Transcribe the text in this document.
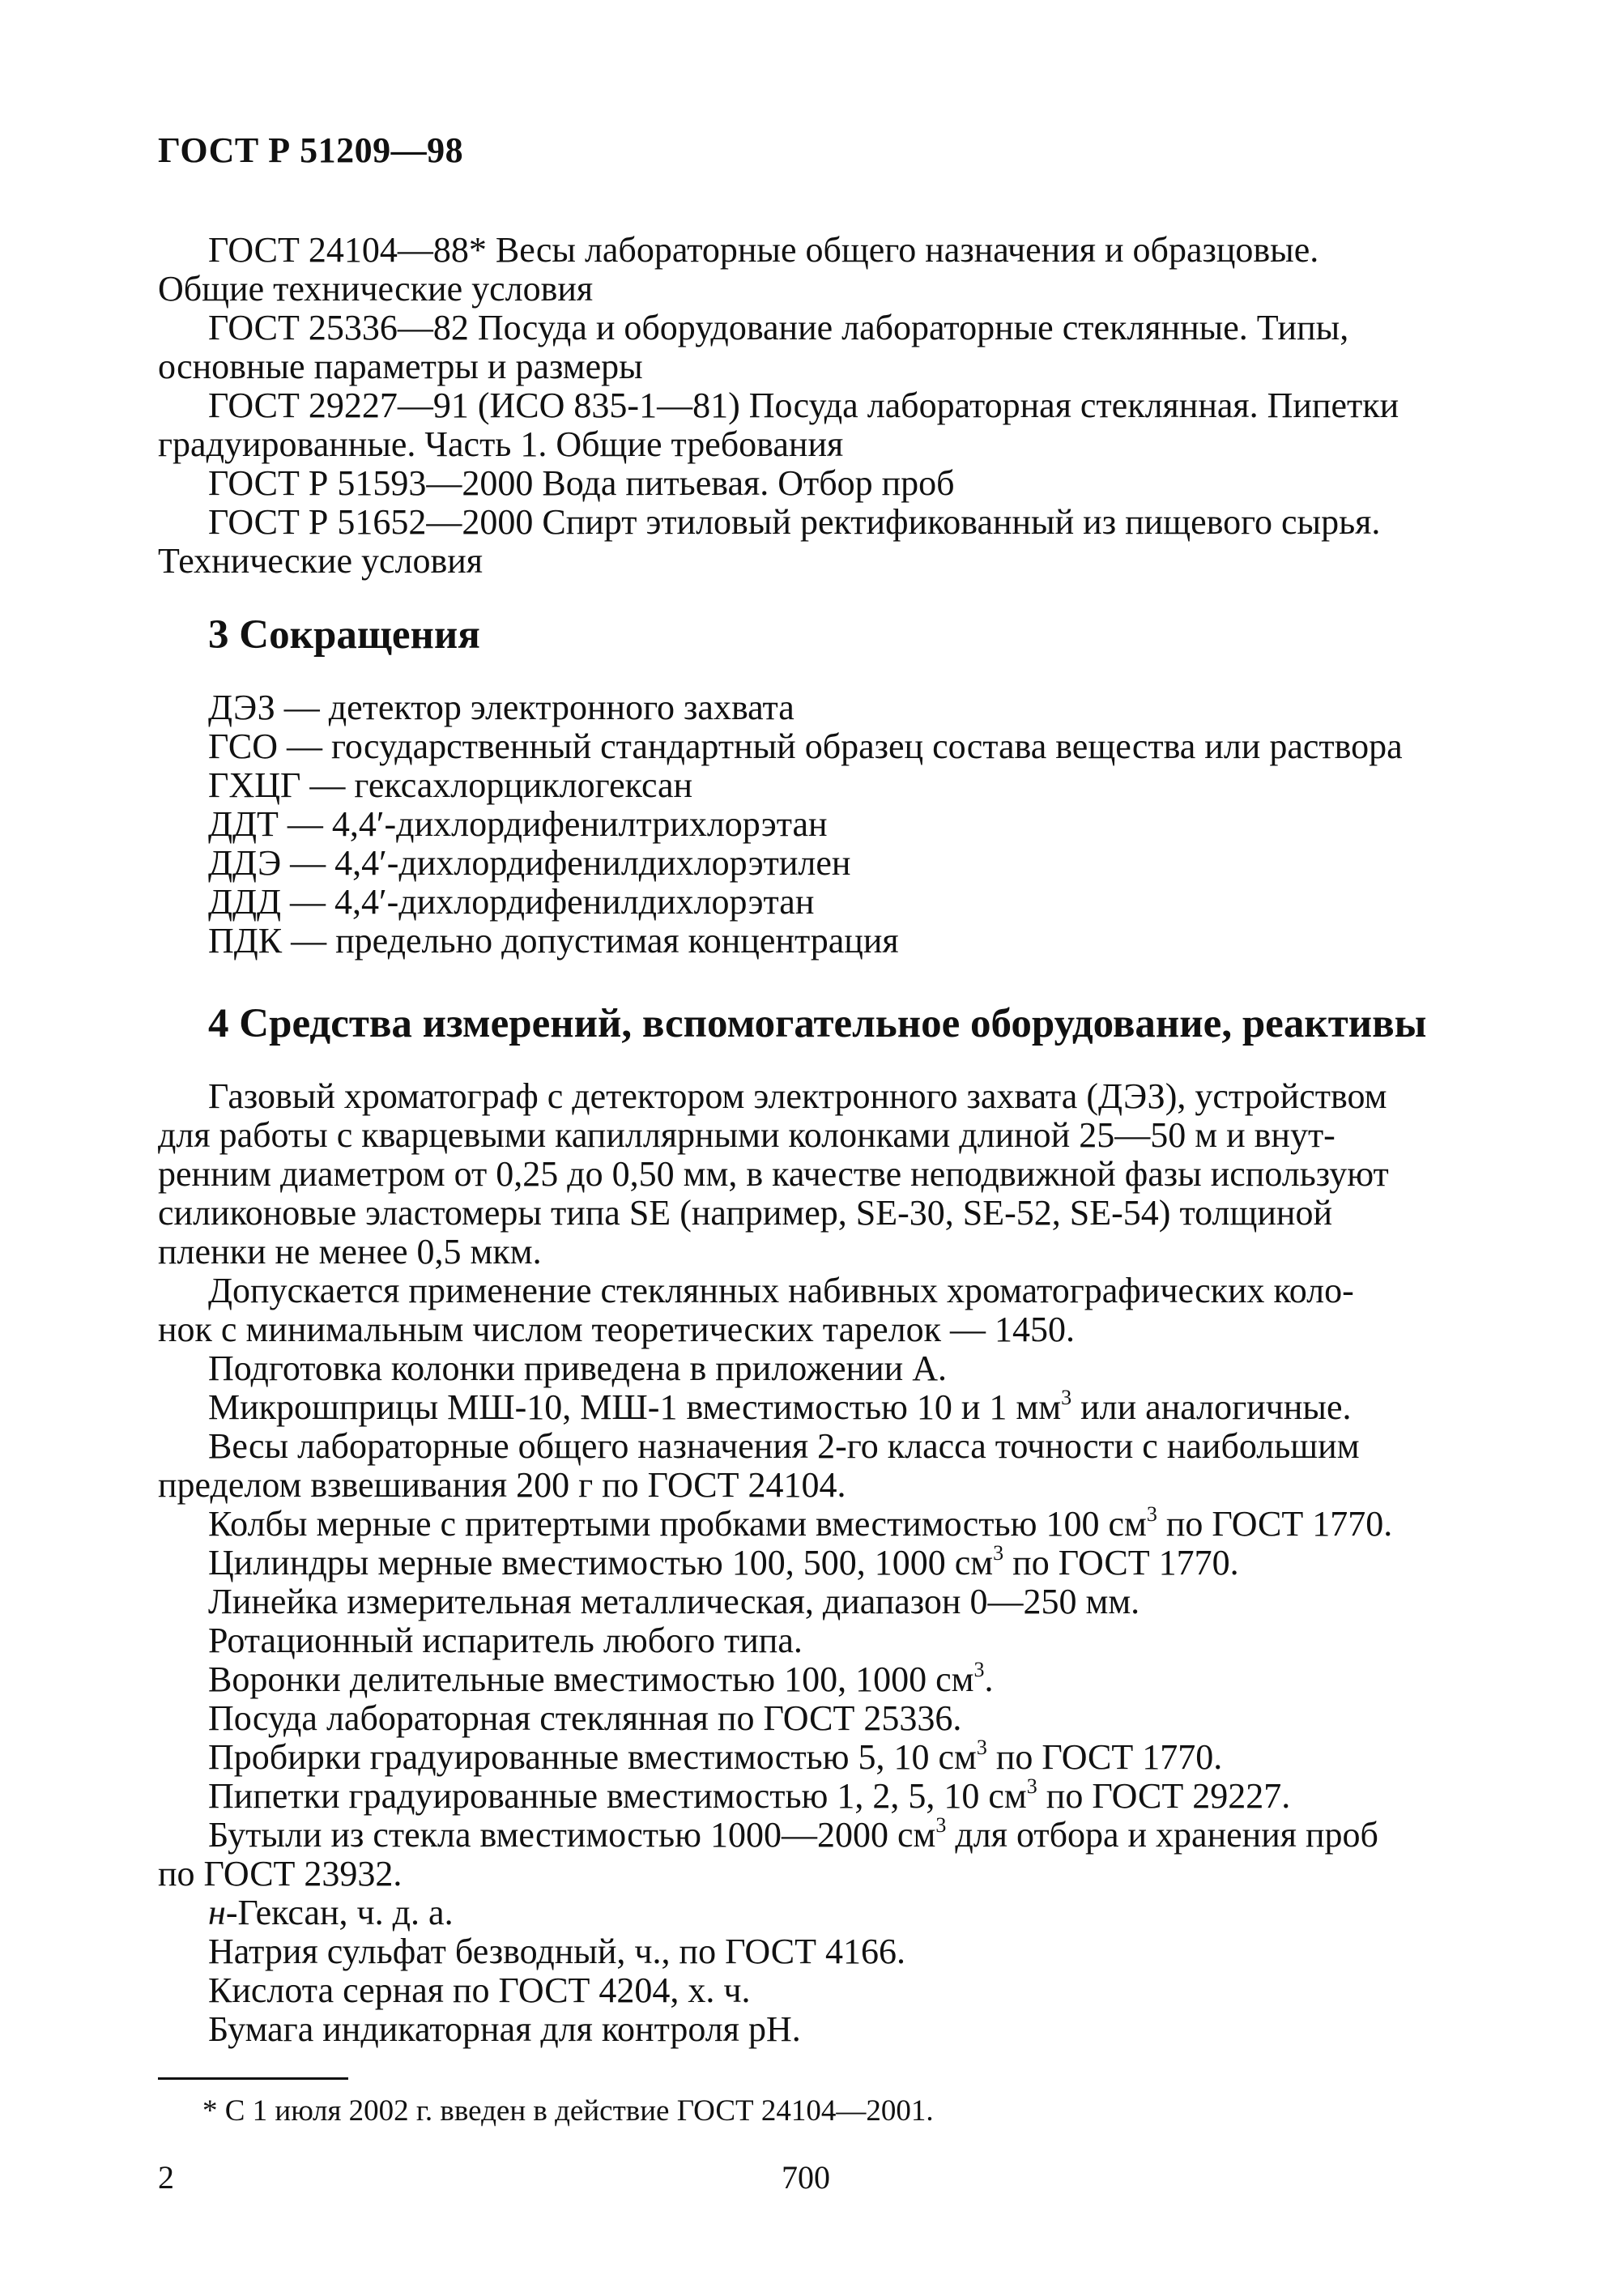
ГОСТ Р 51209—98

ГОСТ 24104—88* Весы лабораторные общего назначения и образцовые.
Общие технические условия

ГОСТ 25336—82 Посуда и оборудование лабораторные стеклянные. Типы,
основные параметры и размеры

ГОСТ 29227—91 (ИСО 835-1—81) Посуда лабораторная стеклянная. Пипетки
градуированные. Часть 1. Общие требования

ГОСТ Р 51593—2000 Вода питьевая. Отбор проб

ГОСТ Р 51652—2000 Спирт этиловый ректификованный из пищевого сырья.
Технические условия

3 Сокращения

ДЭЗ — детектор электронного захвата

ГСО — государственный стандартный образец состава вещества или раствора

ГХЦГ — гексахлорциклогексан

ДДТ — 4,4′-дихлордифенилтрихлорэтан

ДДЭ — 4,4′-дихлордифенилдихлорэтилен

ДДД — 4,4′-дихлордифенилдихлорэтан

ПДК — предельно допустимая концентрация

4 Средства измерений, вспомогательное оборудование, реактивы

Газовый хроматограф с детектором электронного захвата (ДЭЗ), устройством
для работы с кварцевыми капиллярными колонками длиной 25—50 м и внут-
ренним диаметром от 0,25 до 0,50 мм, в качестве неподвижной фазы используют
силиконовые эластомеры типа SE (например, SE-30, SE-52, SE-54) толщиной
пленки не менее 0,5 мкм.

Допускается применение стеклянных набивных хроматографических коло-
нок с минимальным числом теоретических тарелок — 1450.

Подготовка колонки приведена в приложении А.

Микрошприцы МШ-10, МШ-1 вместимостью 10 и 1 $мм^3$ или аналогичные.

Весы лабораторные общего назначения 2-го класса точности с наибольшим
пределом взвешивания 200 г по ГОСТ 24104.

Колбы мерные с притертыми пробками вместимостью 100 $см^3$ по ГОСТ 1770.

Цилиндры мерные вместимостью 100, 500, 1000 $см^3$ по ГОСТ 1770.

Линейка измерительная металлическая, диапазон 0—250 мм.

Ротационный испаритель любого типа.

Воронки делительные вместимостью 100, 1000 $см^3$.

Посуда лабораторная стеклянная по ГОСТ 25336.

Пробирки градуированные вместимостью 5, 10 $см^3$ по ГОСТ 1770.

Пипетки градуированные вместимостью 1, 2, 5, 10 $см^3$ по ГОСТ 29227.

Бутыли из стекла вместимостью 1000—2000 $см^3$ для отбора и хранения проб
по ГОСТ 23932.

н-Гексан, ч. д. а.

Натрия сульфат безводный, ч., по ГОСТ 4166.

Кислота серная по ГОСТ 4204, х. ч.

Бумага индикаторная для контроля рН.

* С 1 июля 2002 г. введен в действие ГОСТ 24104—2001.
2	700
